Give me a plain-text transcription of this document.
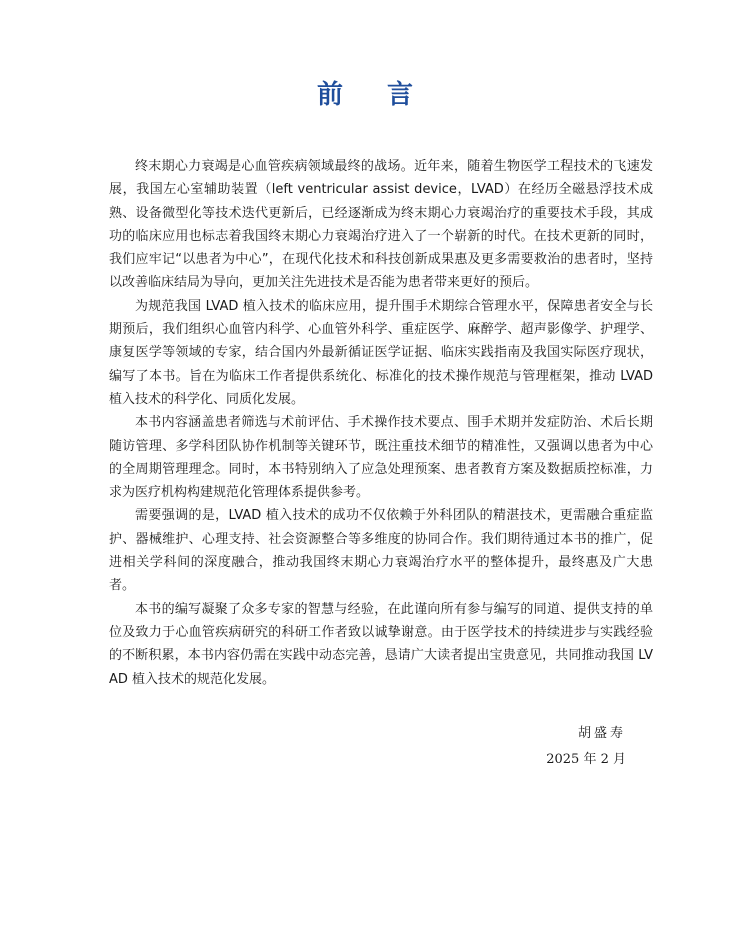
前言

终末期心力衰竭是心血管疾病领域最终的战场。近年来，随着生物医学工程技术的飞速发展，我国左心室辅助装置（left ventricular assist device，LVAD）在经历全磁悬浮技术成熟、设备微型化等技术迭代更新后，已经逐渐成为终末期心力衰竭治疗的重要技术手段，其成功的临床应用也标志着我国终末期心力衰竭治疗进入了一个崭新的时代。在技术更新的同时，我们应牢记“以患者为中心”，在现代化技术和科技创新成果惠及更多需要救治的患者时，坚持以改善临床结局为导向，更加关注先进技术是否能为患者带来更好的预后。

为规范我国 LVAD 植入技术的临床应用，提升围手术期综合管理水平，保障患者安全与长期预后，我们组织心血管内科学、心血管外科学、重症医学、麻醉学、超声影像学、护理学、康复医学等领域的专家，结合国内外最新循证医学证据、临床实践指南及我国实际医疗现状，编写了本书。旨在为临床工作者提供系统化、标准化的技术操作规范与管理框架，推动 LVAD 植入技术的科学化、同质化发展。

本书内容涵盖患者筛选与术前评估、手术操作技术要点、围手术期并发症防治、术后长期随访管理、多学科团队协作机制等关键环节，既注重技术细节的精准性，又强调以患者为中心的全周期管理理念。同时，本书特别纳入了应急处理预案、患者教育方案及数据质控标准，力求为医疗机构构建规范化管理体系提供参考。

需要强调的是，LVAD 植入技术的成功不仅依赖于外科团队的精湛技术，更需融合重症监护、器械维护、心理支持、社会资源整合等多维度的协同合作。我们期待通过本书的推广，促进相关学科间的深度融合，推动我国终末期心力衰竭治疗水平的整体提升，最终惠及广大患者。

本书的编写凝聚了众多专家的智慧与经验，在此谨向所有参与编写的同道、提供支持的单位及致力于心血管疾病研究的科研工作者致以诚挚谢意。由于医学技术的持续进步与实践经验的不断积累，本书内容仍需在实践中动态完善，恳请广大读者提出宝贵意见，共同推动我国 LVAD 植入技术的规范化发展。

胡盛寿
2025 年 2 月
